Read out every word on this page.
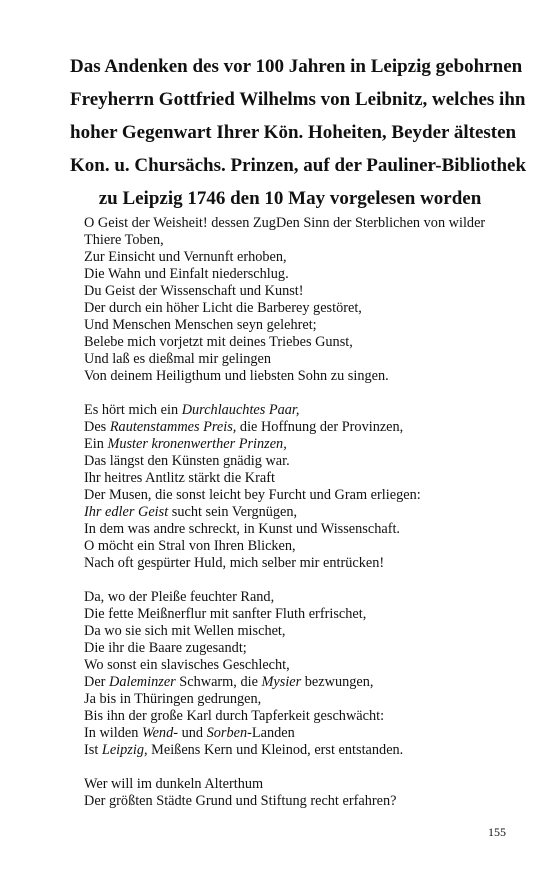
Das Andenken des vor 100 Jahren in Leipzig gebohrnen
Freyherrn Gottfried Wilhelms von Leibnitz, welches ihn
hoher Gegenwart Ihrer Kön. Hoheiten, Beyder ältesten
Kon. u. Chursächs. Prinzen, auf der Pauliner-Bibliothek
zu Leipzig 1746 den 10 May vorgelesen worden
O Geist der Weisheit! dessen ZugDen Sinn der Sterblichen von wilder Thiere Toben,
Zur Einsicht und Vernunft erhoben,
Die Wahn und Einfalt niederschlug.
Du Geist der Wissenschaft und Kunst!
Der durch ein höher Licht die Barberey gestöret,
Und Menschen Menschen seyn gelehret;
Belebe mich vorjetzt mit deines Triebes Gunst,
Und laß es dießmal mir gelingen
Von deinem Heiligthum und liebsten Sohn zu singen.
Es hört mich ein Durchlauchtes Paar,
Des Rautenstammes Preis, die Hoffnung der Provinzen,
Ein Muster kronenwerther Prinzen,
Das längst den Künsten gnädig war.
Ihr heitres Antlitz stärkt die Kraft
Der Musen, die sonst leicht bey Furcht und Gram erliegen:
Ihr edler Geist sucht sein Vergnügen,
In dem was andre schreckt, in Kunst und Wissenschaft.
O möcht ein Stral von Ihren Blicken,
Nach oft gespürter Huld, mich selber mir entrücken!
Da, wo der Pleiße feuchter Rand,
Die fette Meißnerflur mit sanfter Fluth erfrischet,
Da wo sie sich mit Wellen mischet,
Die ihr die Baare zugesandt;
Wo sonst ein slavisches Geschlecht,
Der Daleminzer Schwarm, die Mysier bezwungen,
Ja bis in Thüringen gedrungen,
Bis ihn der große Karl durch Tapferkeit geschwächt:
In wilden Wend- und Sorben-Landen
Ist Leipzig, Meißens Kern und Kleinod, erst entstanden.
Wer will im dunkeln Alterthum
Der größten Städte Grund und Stiftung recht erfahren?
155
